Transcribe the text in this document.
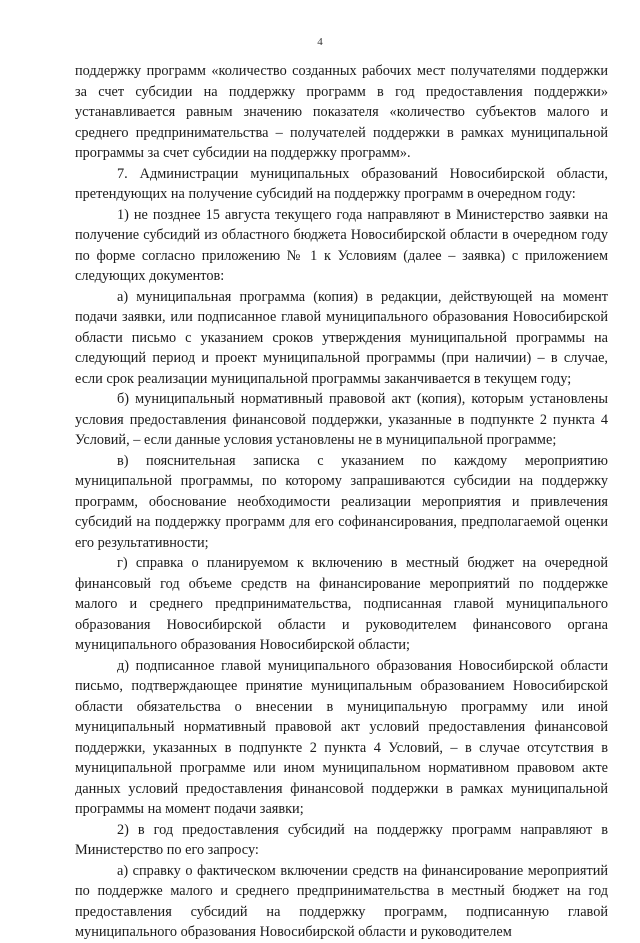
4

поддержку программ «количество созданных рабочих мест получателями поддержки за счет субсидии на поддержку программ в год предоставления поддержки» устанавливается равным значению показателя «количество субъектов малого и среднего предпринимательства – получателей поддержки в рамках муниципальной программы за счет субсидии на поддержку программ».

7. Администрации муниципальных образований Новосибирской области, претендующих на получение субсидий на поддержку программ в очередном году:

1) не позднее 15 августа текущего года направляют в Министерство заявки на получение субсидий из областного бюджета Новосибирской области в очередном году по форме согласно приложению № 1 к Условиям (далее – заявка) с приложением следующих документов:

а) муниципальная программа (копия) в редакции, действующей на момент подачи заявки, или подписанное главой муниципального образования Новосибирской области письмо с указанием сроков утверждения муниципальной программы на следующий период и проект муниципальной программы (при наличии) – в случае, если срок реализации муниципальной программы заканчивается в текущем году;

б) муниципальный нормативный правовой акт (копия), которым установлены условия предоставления финансовой поддержки, указанные в подпункте 2 пункта 4 Условий, – если данные условия установлены не в муниципальной программе;

в) пояснительная записка с указанием по каждому мероприятию муниципальной программы, по которому запрашиваются субсидии на поддержку программ, обоснование необходимости реализации мероприятия и привлечения субсидий на поддержку программ для его софинансирования, предполагаемой оценки его результативности;

г) справка о планируемом к включению в местный бюджет на очередной финансовый год объеме средств на финансирование мероприятий по поддержке малого и среднего предпринимательства, подписанная главой муниципального образования Новосибирской области и руководителем финансового органа муниципального образования Новосибирской области;

д) подписанное главой муниципального образования Новосибирской области письмо, подтверждающее принятие муниципальным образованием Новосибирской области обязательства о внесении в муниципальную программу или иной муниципальный нормативный правовой акт условий предоставления финансовой поддержки, указанных в подпункте 2 пункта 4 Условий, – в случае отсутствия в муниципальной программе или ином муниципальном нормативном правовом акте данных условий предоставления финансовой поддержки в рамках муниципальной программы на момент подачи заявки;

2) в год предоставления субсидий на поддержку программ направляют в Министерство по его запросу:

а) справку о фактическом включении средств на финансирование мероприятий по поддержке малого и среднего предпринимательства в местный бюджет на год предоставления субсидий на поддержку программ, подписанную главой муниципального образования Новосибирской области и руководителем
